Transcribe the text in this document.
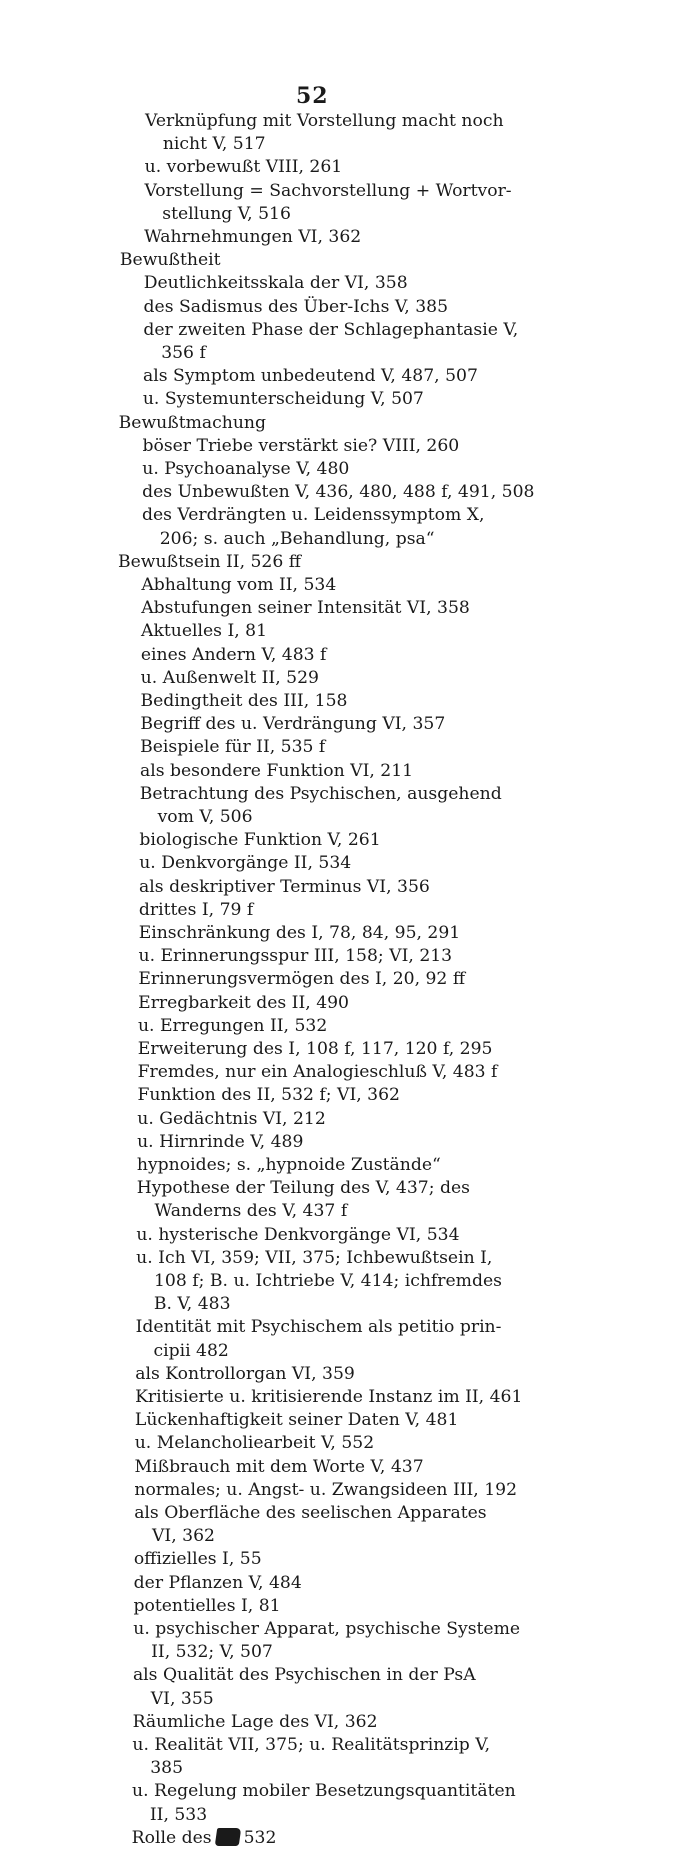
52
Verknüpfung mit Vorstellung macht noch
nicht V, 517
u. vorbewußt VIII, 261
Vorstellung = Sachvorstellung + Wortvor-
stellung V, 516
Wahrnehmungen VI, 362
Bewußtheit
Deutlichkeitsskala der VI, 358
des Sadismus des Über-Ichs V, 385
der zweiten Phase der Schlagephantasie V,
356 f
als Symptom unbedeutend V, 487, 507
u. Systemunterscheidung V, 507
Bewußtmachung
böser Triebe verstärkt sie? VIII, 260
u. Psychoanalyse V, 480
des Unbewußten V, 436, 480, 488 f, 491, 508
des Verdrängten u. Leidenssymptom X,
206; s. auch „Behandlung, psa“
Bewußtsein II, 526 ff
Abhaltung vom II, 534
Abstufungen seiner Intensität VI, 358
Aktuelles I, 81
eines Andern V, 483 f
u. Außenwelt II, 529
Bedingtheit des III, 158
Begriff des u. Verdrängung VI, 357
Beispiele für II, 535 f
als besondere Funktion VI, 211
Betrachtung des Psychischen, ausgehend
vom V, 506
biologische Funktion V, 261
u. Denkvorgänge II, 534
als deskriptiver Terminus VI, 356
drittes I, 79 f
Einschränkung des I, 78, 84, 95, 291
u. Erinnerungsspur III, 158; VI, 213
Erinnerungsvermögen des I, 20, 92 ff
Erregbarkeit des II, 490
u. Erregungen II, 532
Erweiterung des I, 108 f, 117, 120 f, 295
Fremdes, nur ein Analogieschluß V, 483 f
Funktion des II, 532 f; VI, 362
u. Gedächtnis VI, 212
u. Hirnrinde V, 489
hypnoides; s. „hypnoide Zustände“
Hypothese der Teilung des V, 437; des
Wanderns des V, 437 f
u. hysterische Denkvorgänge VI, 534
u. Ich VI, 359; VII, 375; Ichbewußtsein I,
108 f; B. u. Ichtriebe V, 414; ichfremdes
B. V, 483
Identität mit Psychischem als petitio prin-
cipii 482
als Kontrollorgan VI, 359
Kritisierte u. kritisierende Instanz im II, 461
Lückenhaftigkeit seiner Daten V, 481
u. Melancholiearbeit V, 552
Mißbrauch mit dem Worte V, 437
normales; u. Angst- u. Zwangsideen III, 192
als Oberfläche des seelischen Apparates
VI, 362
offizielles I, 55
der Pflanzen V, 484
potentielles I, 81
u. psychischer Apparat, psychische Systeme
II, 532; V, 507
als Qualität des Psychischen in der PsA
VI, 355
Räumliche Lage des VI, 362
u. Realität VII, 375; u. Realitätsprinzip V,
385
u. Regelung mobiler Besetzungsquantitäten
II, 533
Rolle des 532
